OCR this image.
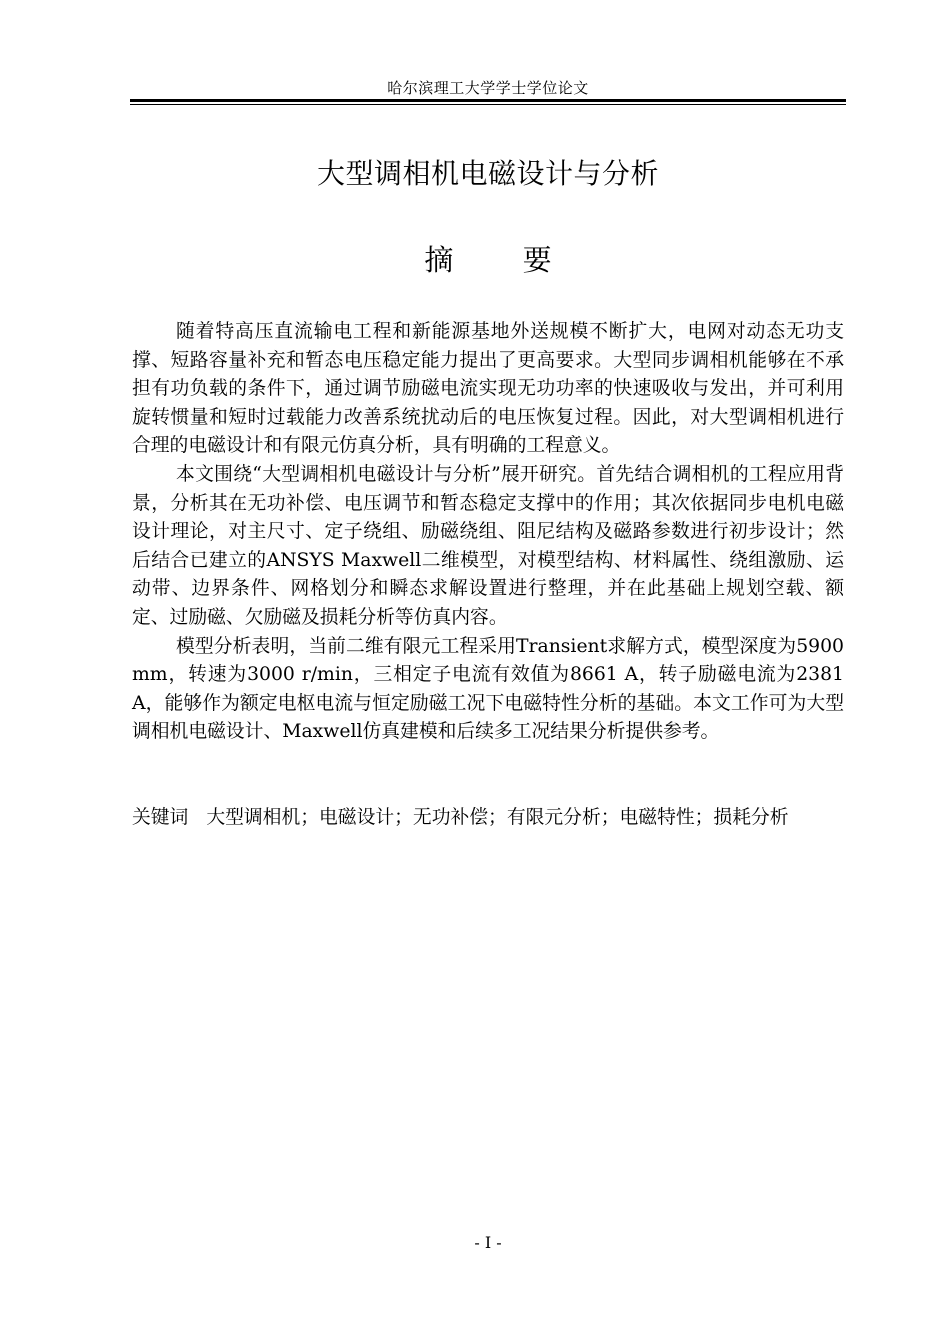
哈尔滨理工大学学士学位论文
大型调相机电磁设计与分析
摘 要

随着特高压直流输电工程和新能源基地外送规模不断扩大，电网对动态无功支撑、短路容量补充和暂态电压稳定能力提出了更高要求。大型同步调相机能够在不承担有功负载的条件下，通过调节励磁电流实现无功功率的快速吸收与发出，并可利用旋转惯量和短时过载能力改善系统扰动后的电压恢复过程。因此，对大型调相机进行合理的电磁设计和有限元仿真分析，具有明确的工程意义。

本文围绕“大型调相机电磁设计与分析”展开研究。首先结合调相机的工程应用背景，分析其在无功补偿、电压调节和暂态稳定支撑中的作用；其次依据同步电机电磁设计理论，对主尺寸、定子绕组、励磁绕组、阻尼结构及磁路参数进行初步设计；然后结合已建立的ANSYS Maxwell二维模型，对模型结构、材料属性、绕组激励、运动带、边界条件、网格划分和瞬态求解设置进行整理，并在此基础上规划空载、额定、过励磁、欠励磁及损耗分析等仿真内容。

模型分析表明，当前二维有限元工程采用Transient求解方式，模型深度为5900 mm，转速为3000 r/min，三相定子电流有效值为8661 A，转子励磁电流为2381 A，能够作为额定电枢电流与恒定励磁工况下电磁特性分析的基础。本文工作可为大型调相机电磁设计、Maxwell仿真建模和后续多工况结果分析提供参考。

关键词 大型调相机；电磁设计；无功补偿；有限元分析；电磁特性；损耗分析

- I -
